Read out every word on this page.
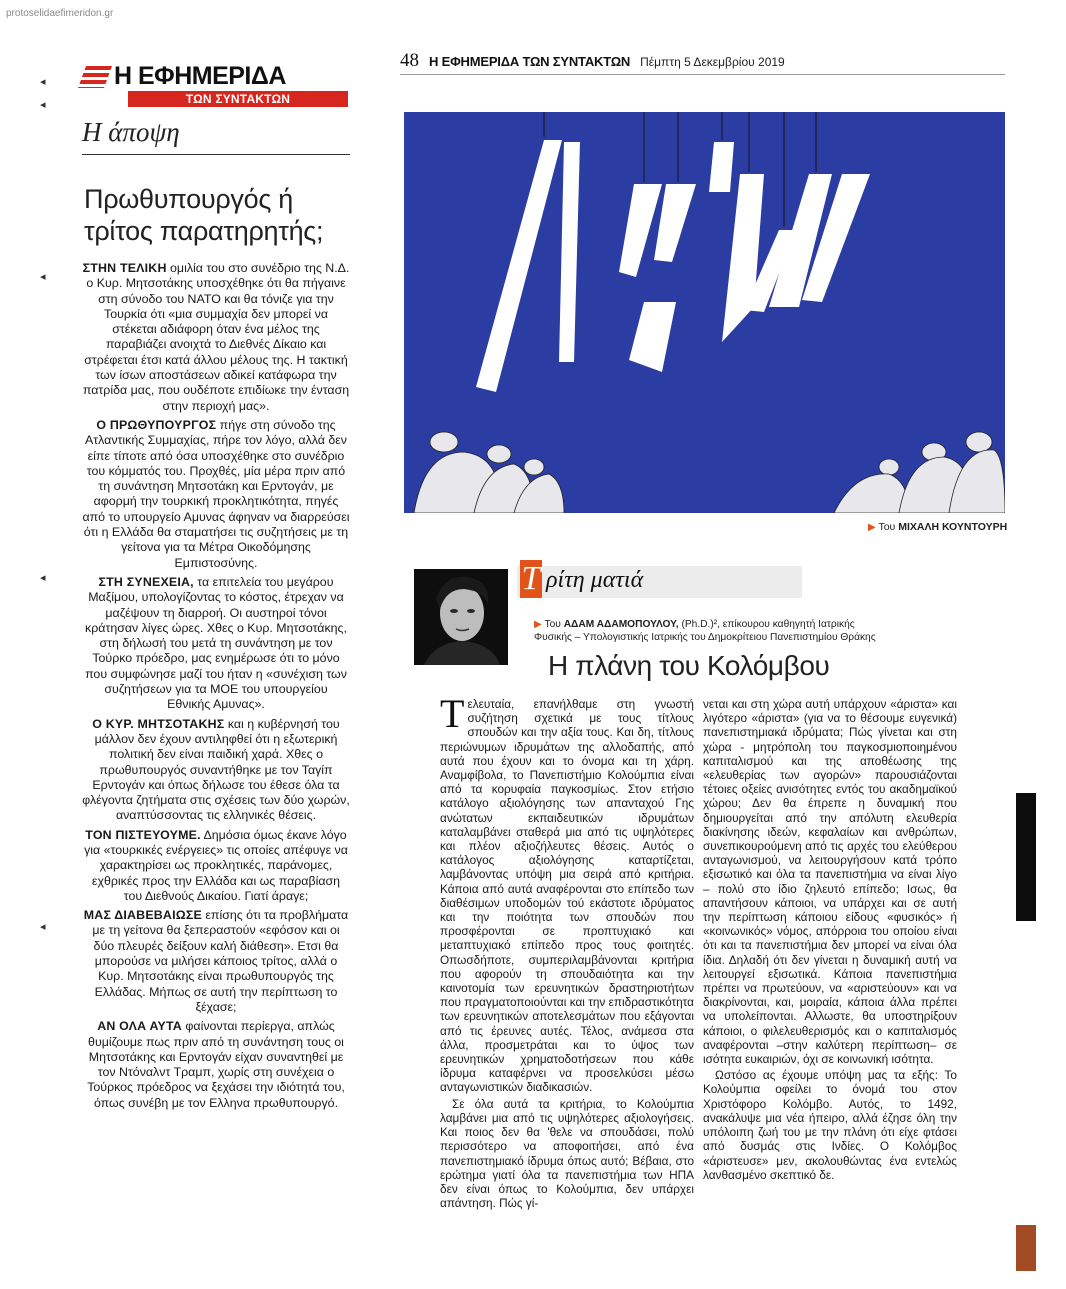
protoselidaefimeridon.gr
Η ΕΦΗΜΕΡΙΔΑ
ΤΩΝ ΣΥΝΤΑΚΤΩΝ
Η άποψη
Πρωθυπουργός ή τρίτος παρατηρητής;

ΣΤΗΝ ΤΕΛΙΚΗ ομιλία του στο συνέδριο της Ν.Δ. ο Κυρ. Μητσοτάκης υποσχέθηκε ότι θα πήγαινε στη σύνοδο του ΝΑΤΟ και θα τόνιζε για την Τουρκία ότι «μια συμμαχία δεν μπορεί να στέκεται αδιάφορη όταν ένα μέλος της παραβιάζει ανοιχτά το Διεθνές Δίκαιο και στρέφεται έτσι κατά άλλου μέλους της. Η τακτική των ίσων αποστάσεων αδικεί κατάφωρα την πατρίδα μας, που ουδέποτε επιδίωκε την ένταση στην περιοχή μας».

Ο ΠΡΩΘΥΠΟΥΡΓΟΣ πήγε στη σύνοδο της Ατλαντικής Συμμαχίας, πήρε τον λόγο, αλλά δεν είπε τίποτε από όσα υποσχέθηκε στο συνέδριο του κόμματός του. Προχθές, μία μέρα πριν από τη συνάντηση Μητσοτάκη και Ερντογάν, με αφορμή την τουρκική προκλητικότητα, πηγές από το υπουργείο Αμυνας άφηναν να διαρρεύσει ότι η Ελλάδα θα σταματήσει τις συζητήσεις με τη γείτονα για τα Μέτρα Οικοδόμησης Εμπιστοσύνης.

ΣΤΗ ΣΥΝΕΧΕΙΑ, τα επιτελεία του μεγάρου Μαξίμου, υπολογίζοντας το κόστος, έτρεχαν να μαζέψουν τη διαρροή. Οι αυστηροί τόνοι κράτησαν λίγες ώρες. Χθες ο Κυρ. Μητσοτάκης, στη δήλωσή του μετά τη συνάντηση με τον Τούρκο πρόεδρο, μας ενημέρωσε ότι το μόνο που συμφώνησε μαζί του ήταν η «συνέχιση των συζητήσεων για τα ΜΟΕ του υπουργείου Εθνικής Αμυνας».

Ο ΚΥΡ. ΜΗΤΣΟΤΑΚΗΣ και η κυβέρνησή του μάλλον δεν έχουν αντιληφθεί ότι η εξωτερική πολιτική δεν είναι παιδική χαρά. Χθες ο πρωθυπουργός συναντήθηκε με τον Ταγίπ Ερντογάν και όπως δήλωσε του έθεσε όλα τα φλέγοντα ζητήματα στις σχέσεις των δύο χωρών, αναπτύσσοντας τις ελληνικές θέσεις.

ΤΟΝ ΠΙΣΤΕΥΟΥΜΕ. Δημόσια όμως έκανε λόγο για «τουρκικές ενέργειες» τις οποίες απέφυγε να χαρακτηρίσει ως προκλητικές, παράνομες, εχθρικές προς την Ελλάδα και ως παραβίαση του Διεθνούς Δικαίου. Γιατί άραγε;

ΜΑΣ ΔΙΑΒΕΒΑΙΩΣΕ επίσης ότι τα προβλήματα με τη γείτονα θα ξεπεραστούν «εφόσον και οι δύο πλευρές δείξουν καλή διάθεση». Ετσι θα μπορούσε να μιλήσει κάποιος τρίτος, αλλά ο Κυρ. Μητσοτάκης είναι πρωθυπουργός της Ελλάδας. Μήπως σε αυτή την περίπτωση το ξέχασε;

ΑΝ ΟΛΑ ΑΥΤΑ φαίνονται περίεργα, απλώς θυμίζουμε πως πριν από τη συνάντηση τους οι Μητσοτάκης και Ερντογάν είχαν συναντηθεί με τον Ντόναλντ Τραμπ, χωρίς στη συνέχεια ο Τούρκος πρόεδρος να ξεχάσει την ιδιότητά του, όπως συνέβη με τον Ελληνα πρωθυπουργό.

◂
◂
◂
◂
◂
48 Η ΕΦΗΜΕΡΙΔΑ ΤΩΝ ΣΥΝΤΑΚΤΩΝ Πέμπτη 5 Δεκεμβρίου 2019
▶ Του ΜΙΧΑΛΗ ΚΟΥΝΤΟΥΡΗ
Τ ρίτη ματιά
▶ Του ΑΔΑΜ ΑΔΑΜΟΠΟΥΛΟΥ, (Ph.D.)², επίκουρου καθηγητή Ιατρικής Φυσικής – Υπολογιστικής Ιατρικής του Δημοκρίτειου Πανεπιστημίου Θράκης
Η πλάνη του Κολόμβου

Τελευταία, επανήλθαμε στη γνωστή συζήτηση σχετικά με τους τίτλους σπουδών και την αξία τους. Και δη, τίτλους περιώνυμων ιδρυμάτων της αλλοδαπής, από αυτά που έχουν και το όνομα και τη χάρη. Αναμφίβολα, το Πανεπιστήμιο Κολούμπια είναι από τα κορυφαία παγκοσμίως. Στον ετήσιο κατάλογο αξιολόγησης των απανταχού Γης ανώτατων εκπαιδευτικών ιδρυμάτων καταλαμβάνει σταθερά μια από τις υψηλότερες και πλέον αξιοζήλευτες θέσεις. Αυτός ο κατάλογος αξιολόγησης καταρτίζεται, λαμβάνοντας υπόψη μια σειρά από κριτήρια. Κάποια από αυτά αναφέρονται στο επίπεδο των διαθέσιμων υποδομών τού εκάστοτε ιδρύματος και την ποιότητα των σπουδών που προσφέρονται σε προπτυχιακό και μεταπτυχιακό επίπεδο προς τους φοιτητές. Οπωσδήποτε, συμπεριλαμβάνονται κριτήρια που αφορούν τη σπουδαιότητα και την καινοτομία των ερευνητικών δραστηριοτήτων που πραγματοποιούνται και την επιδραστικότητα των ερευνητικών αποτελεσμάτων που εξάγονται από τις έρευνες αυτές. Τέλος, ανάμεσα στα άλλα, προσμετράται και το ύψος των ερευνητικών χρηματοδοτήσεων που κάθε ίδρυμα καταφέρνει να προσελκύσει μέσω ανταγωνιστικών διαδικασιών.

Σε όλα αυτά τα κριτήρια, το Κολούμπια λαμβάνει μια από τις υψηλότερες αξιολογήσεις. Και ποιος δεν θα 'θελε να σπουδάσει, πολύ περισσότερο να αποφοιτήσει, από ένα πανεπιστημιακό ίδρυμα όπως αυτό; Βέβαια, στο ερώτημα γιατί όλα τα πανεπιστήμια των ΗΠΑ δεν είναι όπως το Κολούμπια, δεν υπάρχει απάντηση. Πώς γί-

νεται και στη χώρα αυτή υπάρχουν «άριστα» και λιγότερο «άριστα» (για να το θέσουμε ευγενικά) πανεπιστημιακά ιδρύματα; Πώς γίνεται και στη χώρα - μητρόπολη του παγκοσμιοποιημένου καπιταλισμού και της αποθέωσης της «ελευθερίας των αγορών» παρουσιάζονται τέτοιες οξείες ανισότητες εντός του ακαδημαϊκού χώρου; Δεν θα έπρεπε η δυναμική που δημιουργείται από την απόλυτη ελευθερία διακίνησης ιδεών, κεφαλαίων και ανθρώπων, συνεπικουρούμενη από τις αρχές του ελεύθερου ανταγωνισμού, να λειτουργήσουν κατά τρόπο εξισωτικό και όλα τα πανεπιστήμια να είναι λίγο – πολύ στο ίδιο ζηλευτό επίπεδο; Ισως, θα απαντήσουν κάποιοι, να υπάρχει και σε αυτή την περίπτωση κάποιου είδους «φυσικός» ή «κοινωνικός» νόμος, απόρροια του οποίου είναι ότι και τα πανεπιστήμια δεν μπορεί να είναι όλα ίδια. Δηλαδή ότι δεν γίνεται η δυναμική αυτή να λειτουργεί εξισωτικά. Κάποια πανεπιστήμια πρέπει να πρωτεύουν, να «αριστεύουν» και να διακρίνονται, και, μοιραία, κάποια άλλα πρέπει να υπολείπονται. Αλλωστε, θα υποστηρίξουν κάποιοι, ο φιλελευθερισμός και ο καπιταλισμός αναφέρονται –στην καλύτερη περίπτωση– σε ισότητα ευκαιριών, όχι σε κοινωνική ισότητα.

Ωστόσο ας έχουμε υπόψη μας τα εξής: Το Κολούμπια οφείλει το όνομά του στον Χριστόφορο Κολόμβο. Αυτός, το 1492, ανακάλυψε μια νέα ήπειρο, αλλά έζησε όλη την υπόλοιπη ζωή του με την πλάνη ότι είχε φτάσει από δυσμάς στις Ινδίες. Ο Κολόμβος «άριστευσε» μεν, ακολουθώντας ένα εντελώς λανθασμένο σκεπτικό δε.
